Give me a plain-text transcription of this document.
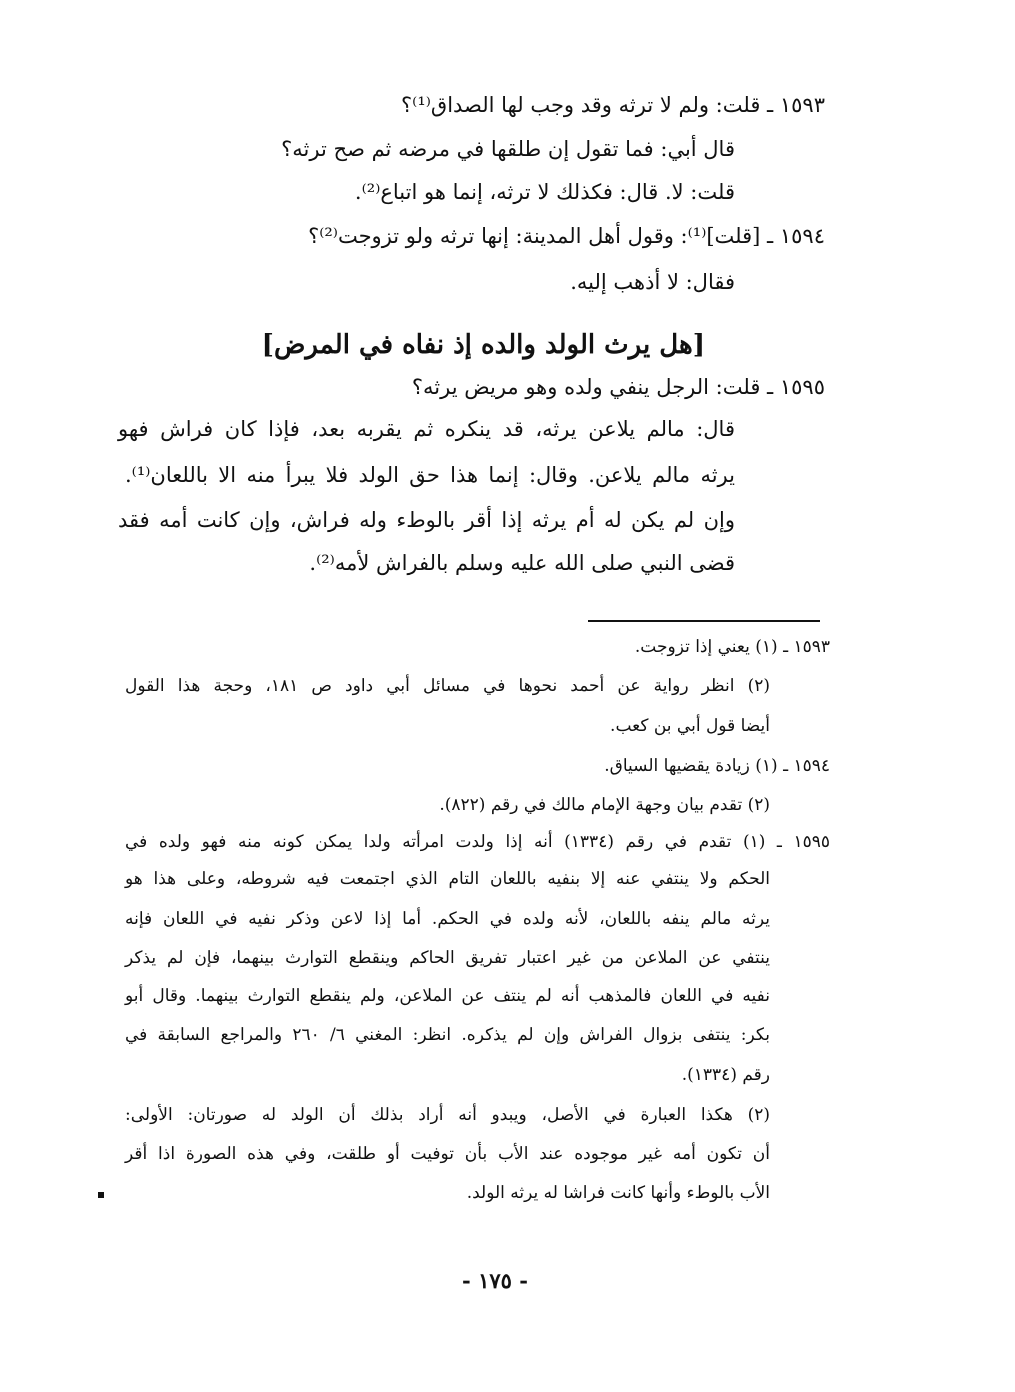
١٥٩٣ ـ قلت: ولم لا ترثه وقد وجب لها الصداق⁽¹⁾؟
قال أبي: فما تقول إن طلقها في مرضه ثم صح ترثه؟
قلت: لا. قال: فكذلك لا ترثه، إنما هو اتباع⁽²⁾.
١٥٩٤ ـ [قلت]⁽¹⁾: وقول أهل المدينة: إنها ترثه ولو تزوجت⁽²⁾؟
فقال: لا أذهب إليه.
[هل يرث الولد والده إذ نفاه في المرض]
١٥٩٥ ـ قلت: الرجل ينفي ولده وهو مريض يرثه؟
قال: مالم يلاعن يرثه، قد ينكره ثم يقربه بعد، فإذا كان فراش فهو
يرثه مالم يلاعن. وقال: إنما هذا حق الولد فلا يبرأ منه الا باللعان⁽¹⁾.
وإن لم يكن له أم يرثه إذا أقر بالوطء وله فراش، وإن كانت أمه فقد
قضى النبي صلى الله عليه وسلم بالفراش لأمه⁽²⁾.
١٥٩٣ ـ (١) يعني إذا تزوجت.
(٢) انظر رواية عن أحمد نحوها في مسائل أبي داود ص ١٨١، وحجة هذا القول
أيضا قول أبي بن كعب.
١٥٩٤ ـ (١) زيادة يقضيها السياق.
(٢) تقدم بيان وجهة الإمام مالك في رقم (٨٢٢).
١٥٩٥ ـ (١) تقدم في رقم (١٣٣٤) أنه إذا ولدت امرأته ولدا يمكن كونه منه فهو ولده في
الحكم ولا ينتفي عنه إلا بنفيه باللعان التام الذي اجتمعت فيه شروطه، وعلى هذا هو
يرثه مالم ينفه باللعان، لأنه ولده في الحكم. أما إذا لاعن وذكر نفيه في اللعان فإنه
ينتفي عن الملاعن من غير اعتبار تفريق الحاكم وينقطع التوارث بينهما، فإن لم يذكر
نفيه في اللعان فالمذهب أنه لم ينتف عن الملاعن، ولم ينقطع التوارث بينهما. وقال أبو
بكر: ينتفى بزوال الفراش وإن لم يذكره. انظر: المغني ٦/ ٢٦٠ والمراجع السابقة في
رقم (١٣٣٤).
(٢) هكذا العبارة في الأصل، ويبدو أنه أراد بذلك أن الولد له صورتان: الأولى:
أن تكون أمه غير موجوده عند الأب بأن توفيت أو طلقت، وفي هذه الصورة اذا أقر
الأب بالوطء وأنها كانت فراشا له يرثه الولد.
- ١٧٥ -
